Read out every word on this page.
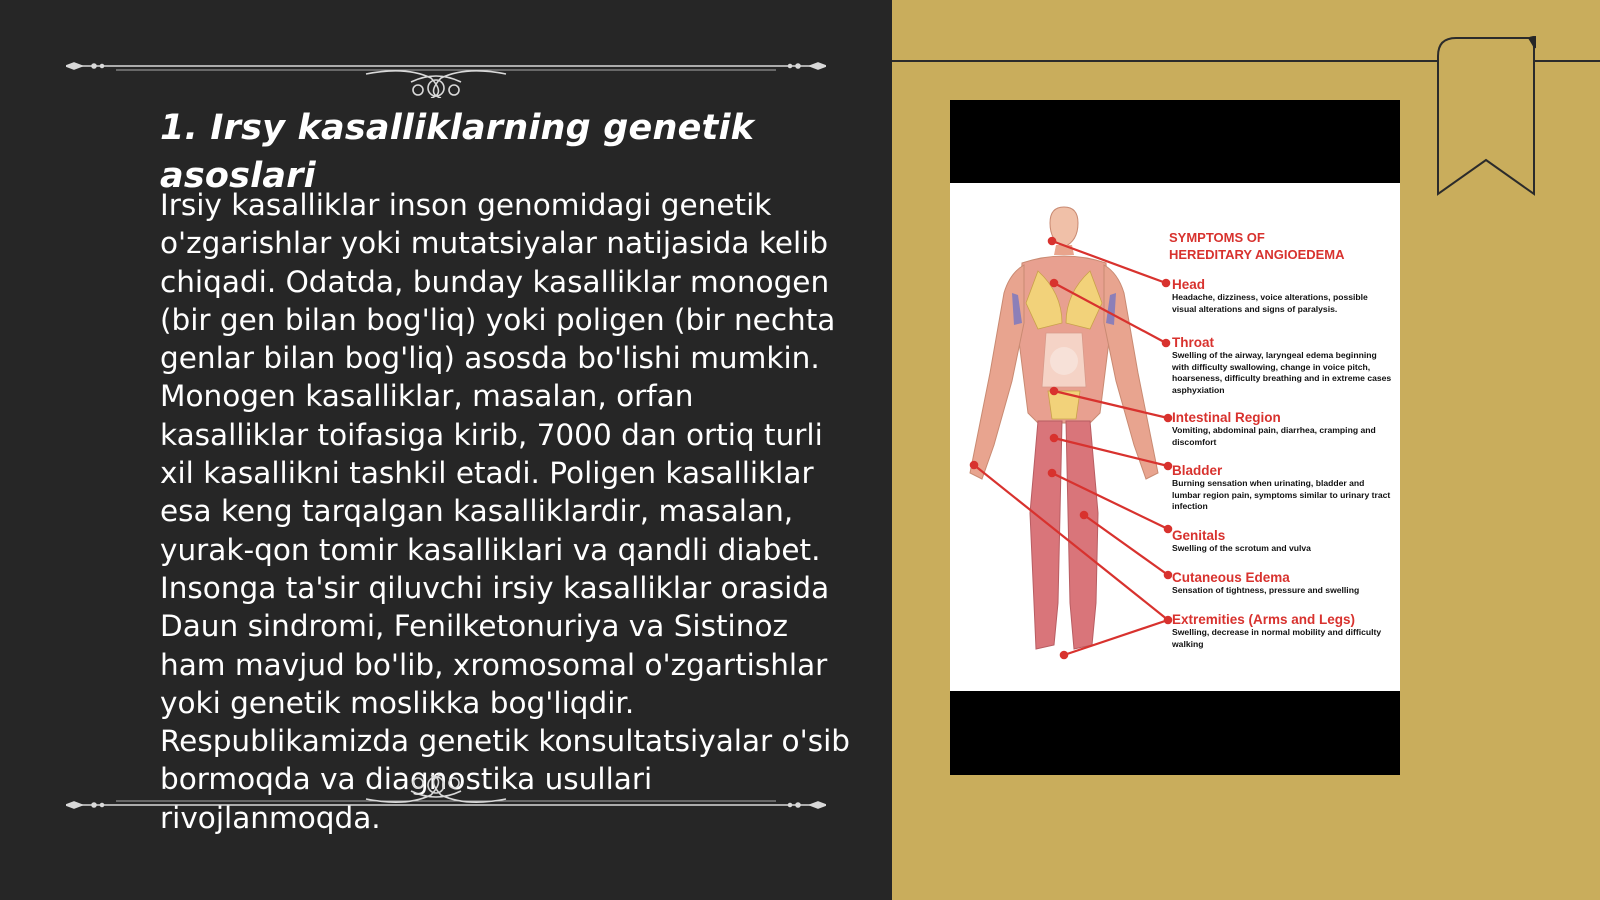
1. Irsy kasalliklarning genetik asoslari

Irsiy kasalliklar inson genomidagi genetik o'zgarishlar yoki mutatsiyalar natijasida kelib chiqadi. Odatda, bunday kasalliklar monogen (bir gen bilan bog'liq) yoki poligen (bir nechta genlar bilan bog'liq) asosda bo'lishi mumkin. Monogen kasalliklar, masalan, orfan kasalliklar toifasiga kirib, 7000 dan ortiq turli xil kasallikni tashkil etadi. Poligen kasalliklar esa keng tarqalgan kasalliklardir, masalan, yurak-qon tomir kasalliklari va qandli diabet. Insonga ta'sir qiluvchi irsiy kasalliklar orasida Daun sindromi, Fenilketonuriya va Sistinoz ham mavjud bo'lib, xromosomal o'zgartishlar yoki genetik moslikka bog'liqdir. Respublikamizda genetik konsultatsiyalar o'sib bormoqda va diagnostika usullari rivojlanmoqda.

SYMPTOMS OF
HEREDITARY ANGIOEDEMA
Head
Headache, dizziness, voice alterations, possible visual alterations and signs of paralysis.
Throat
Swelling of the airway, laryngeal edema beginning with difficulty swallowing, change in voice pitch, hoarseness, difficulty breathing and in extreme cases asphyxiation
Intestinal Region
Vomiting, abdominal pain, diarrhea, cramping and discomfort
Bladder
Burning sensation when urinating, bladder and lumbar region pain, symptoms similar to urinary tract infection
Genitals
Swelling of the scrotum and vulva
Cutaneous Edema
Sensation of tightness, pressure and swelling
Extremities (Arms and Legs)
Swelling, decrease in normal mobility and difficulty walking
